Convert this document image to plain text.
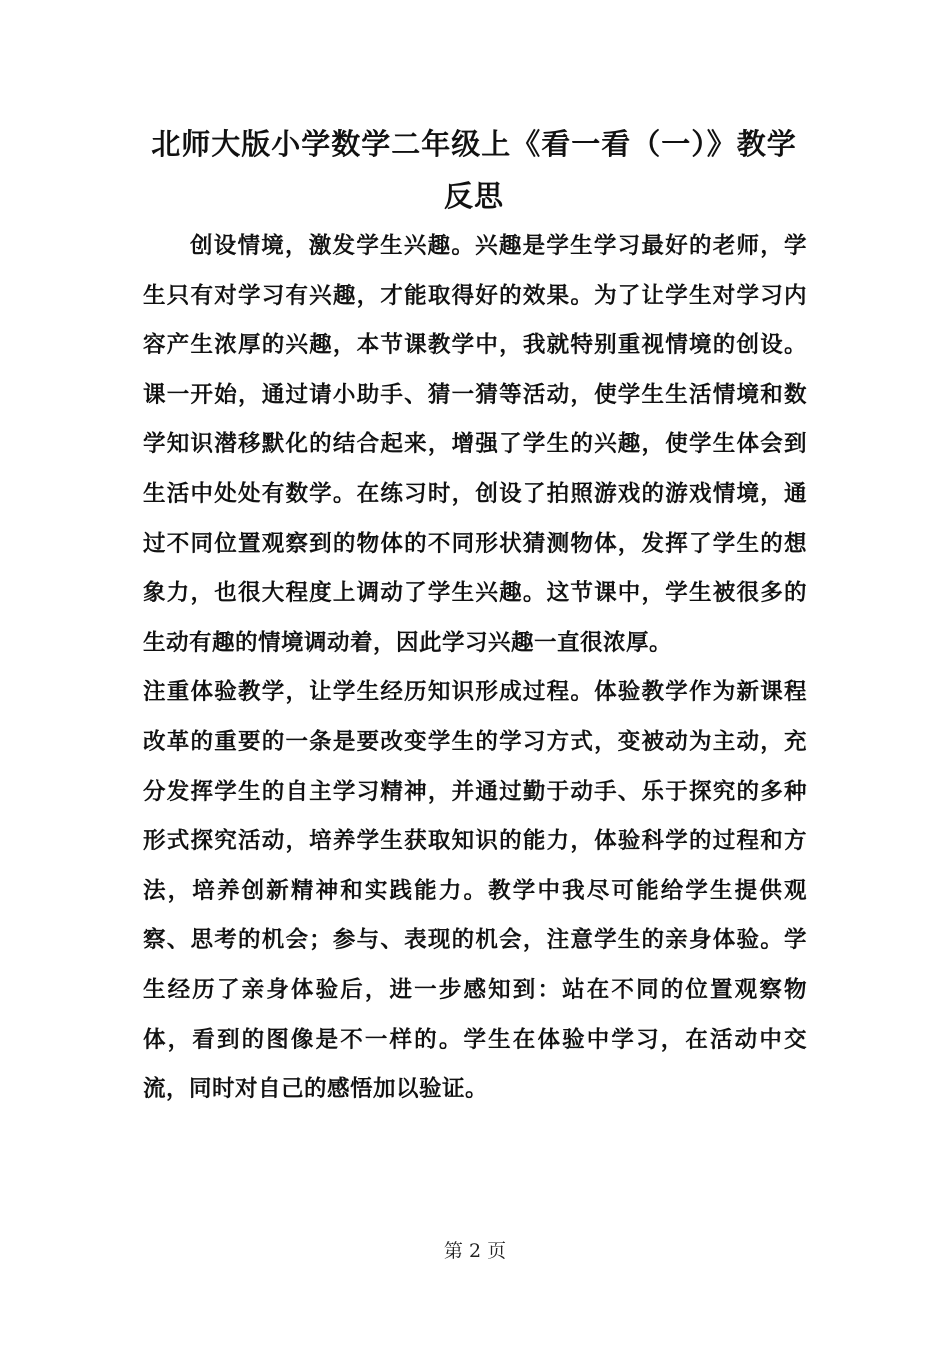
北师大版小学数学二年级上《看一看（一）》教学反思

创设情境，激发学生兴趣。兴趣是学生学习最好的老师，学生只有对学习有兴趣，才能取得好的效果。为了让学生对学习内容产生浓厚的兴趣，本节课教学中，我就特别重视情境的创设。课一开始，通过请小助手、猜一猜等活动，使学生生活情境和数学知识潜移默化的结合起来，增强了学生的兴趣，使学生体会到生活中处处有数学。在练习时，创设了拍照游戏的游戏情境，通过不同位置观察到的物体的不同形状猜测物体，发挥了学生的想象力，也很大程度上调动了学生兴趣。这节课中，学生被很多的生动有趣的情境调动着，因此学习兴趣一直很浓厚。

注重体验教学，让学生经历知识形成过程。体验教学作为新课程改革的重要的一条是要改变学生的学习方式，变被动为主动，充分发挥学生的自主学习精神，并通过勤于动手、乐于探究的多种形式探究活动，培养学生获取知识的能力，体验科学的过程和方法，培养创新精神和实践能力。教学中我尽可能给学生提供观察、思考的机会；参与、表现的机会，注意学生的亲身体验。学生经历了亲身体验后，进一步感知到：站在不同的位置观察物体，看到的图像是不一样的。学生在体验中学习，在活动中交流，同时对自己的感悟加以验证。

第 2 页
